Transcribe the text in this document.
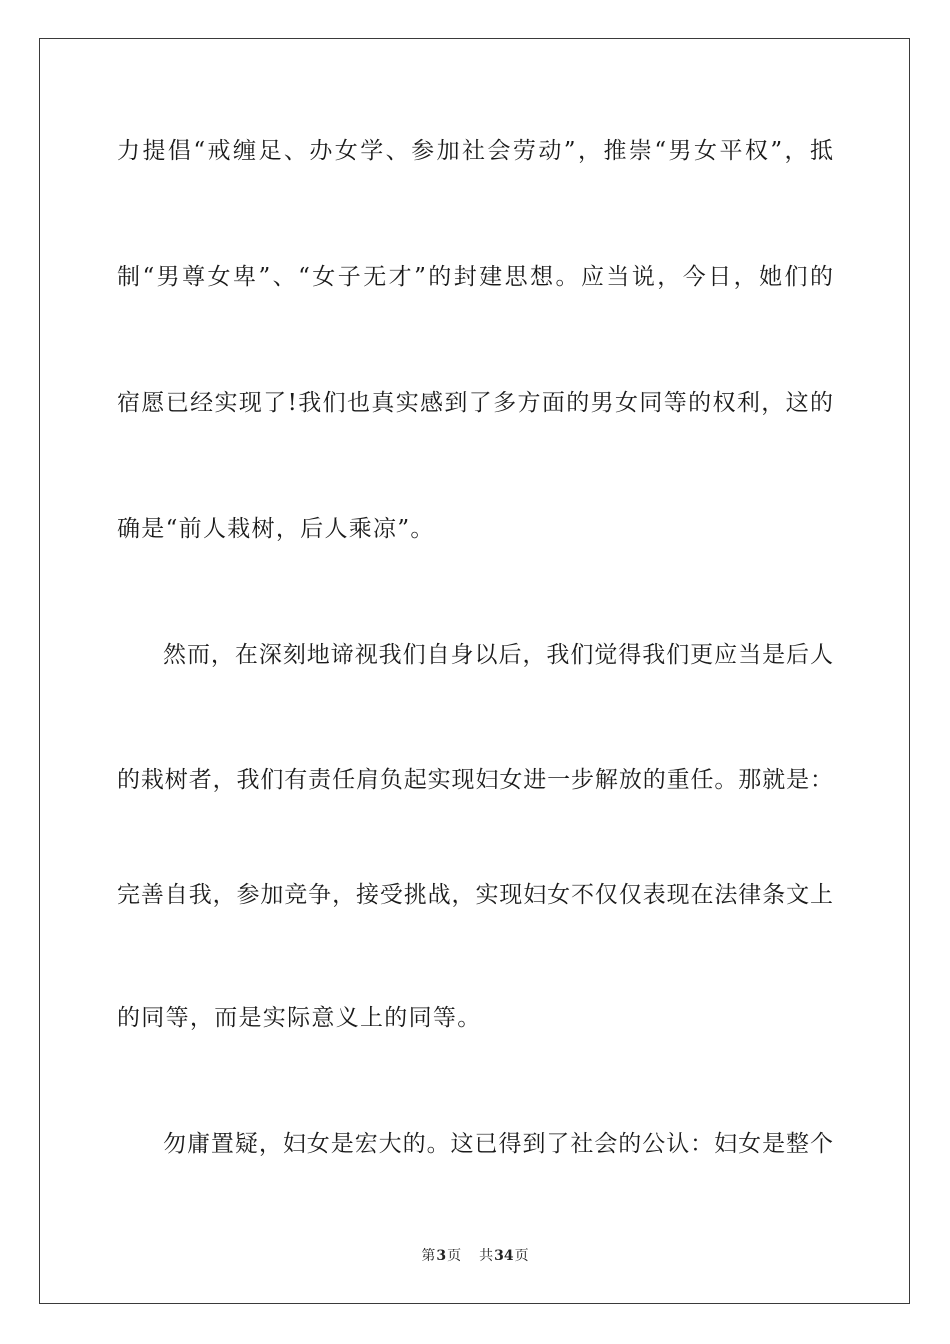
力提倡“戒缠足、办女学、参加社会劳动”，推崇“男女平权”，抵

制“男尊女卑”、“女子无才”的封建思想。应当说，今日，她们的

宿愿已经实现了!我们也真实感到了多方面的男女同等的权利，这的

确是“前人栽树，后人乘凉”。

然而，在深刻地谛视我们自身以后，我们觉得我们更应当是后人

的栽树者，我们有责任肩负起实现妇女进一步解放的重任。那就是：

完善自我，参加竞争，接受挑战，实现妇女不仅仅表现在法律条文上

的同等，而是实际意义上的同等。

勿庸置疑，妇女是宏大的。这已得到了社会的公认：妇女是整个

第3页 共34页
